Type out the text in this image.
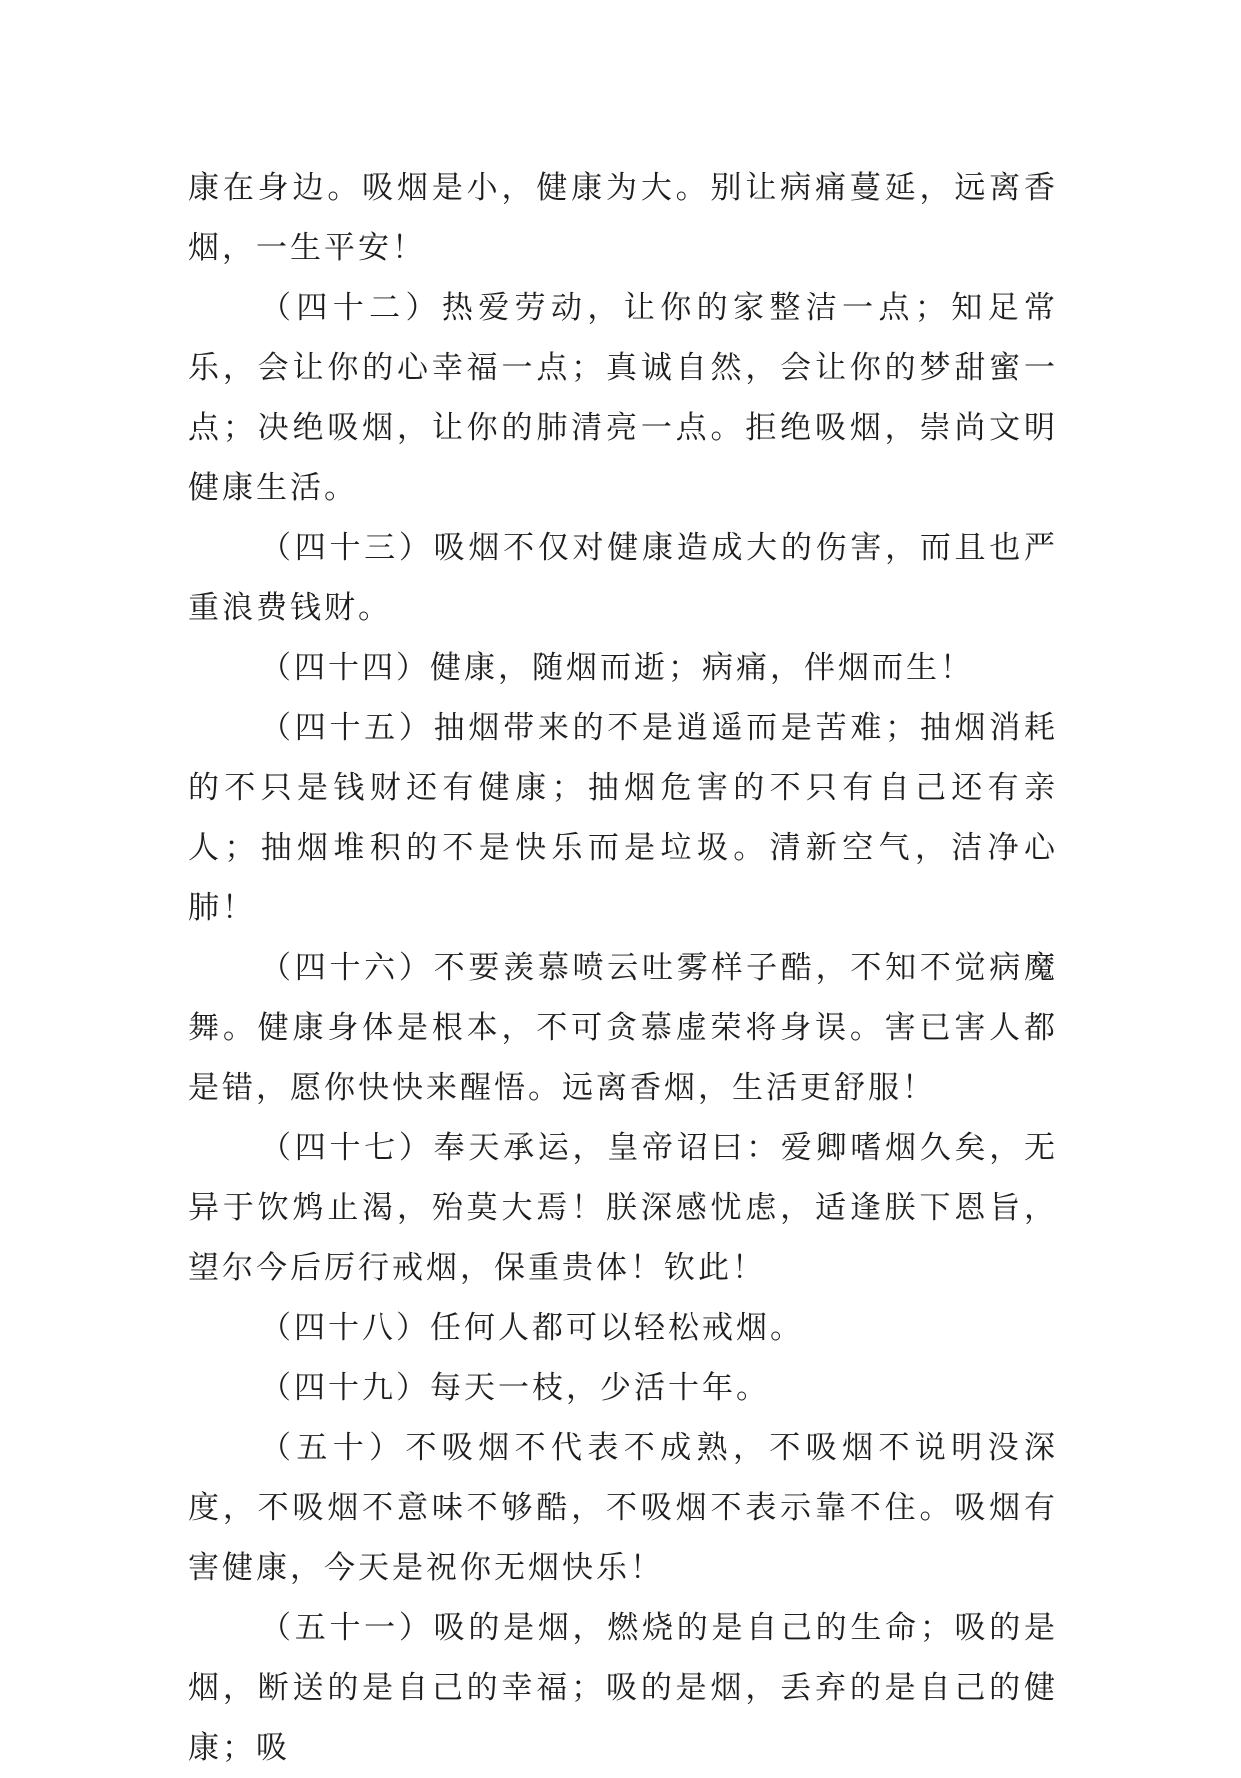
康在身边。吸烟是小，健康为大。别让病痛蔓延，远离香烟，一生平安！

（四十二）热爱劳动，让你的家整洁一点；知足常乐，会让你的心幸福一点；真诚自然，会让你的梦甜蜜一点；决绝吸烟，让你的肺清亮一点。拒绝吸烟，崇尚文明健康生活。

（四十三）吸烟不仅对健康造成大的伤害，而且也严重浪费钱财。

（四十四）健康，随烟而逝；病痛，伴烟而生！

（四十五）抽烟带来的不是逍遥而是苦难；抽烟消耗的不只是钱财还有健康；抽烟危害的不只有自己还有亲人；抽烟堆积的不是快乐而是垃圾。清新空气，洁净心肺！

（四十六）不要羡慕喷云吐雾样子酷，不知不觉病魔舞。健康身体是根本，不可贪慕虚荣将身误。害已害人都是错，愿你快快来醒悟。远离香烟，生活更舒服！

（四十七）奉天承运，皇帝诏曰：爱卿嗜烟久矣，无异于饮鸩止渴，殆莫大焉！朕深感忧虑，适逢朕下恩旨，望尔今后厉行戒烟，保重贵体！钦此！

（四十八）任何人都可以轻松戒烟。

（四十九）每天一枝，少活十年。

（五十）不吸烟不代表不成熟，不吸烟不说明没深度，不吸烟不意味不够酷，不吸烟不表示靠不住。吸烟有害健康，今天是祝你无烟快乐！

（五十一）吸的是烟，燃烧的是自己的生命；吸的是烟，断送的是自己的幸福；吸的是烟，丢弃的是自己的健康；吸
